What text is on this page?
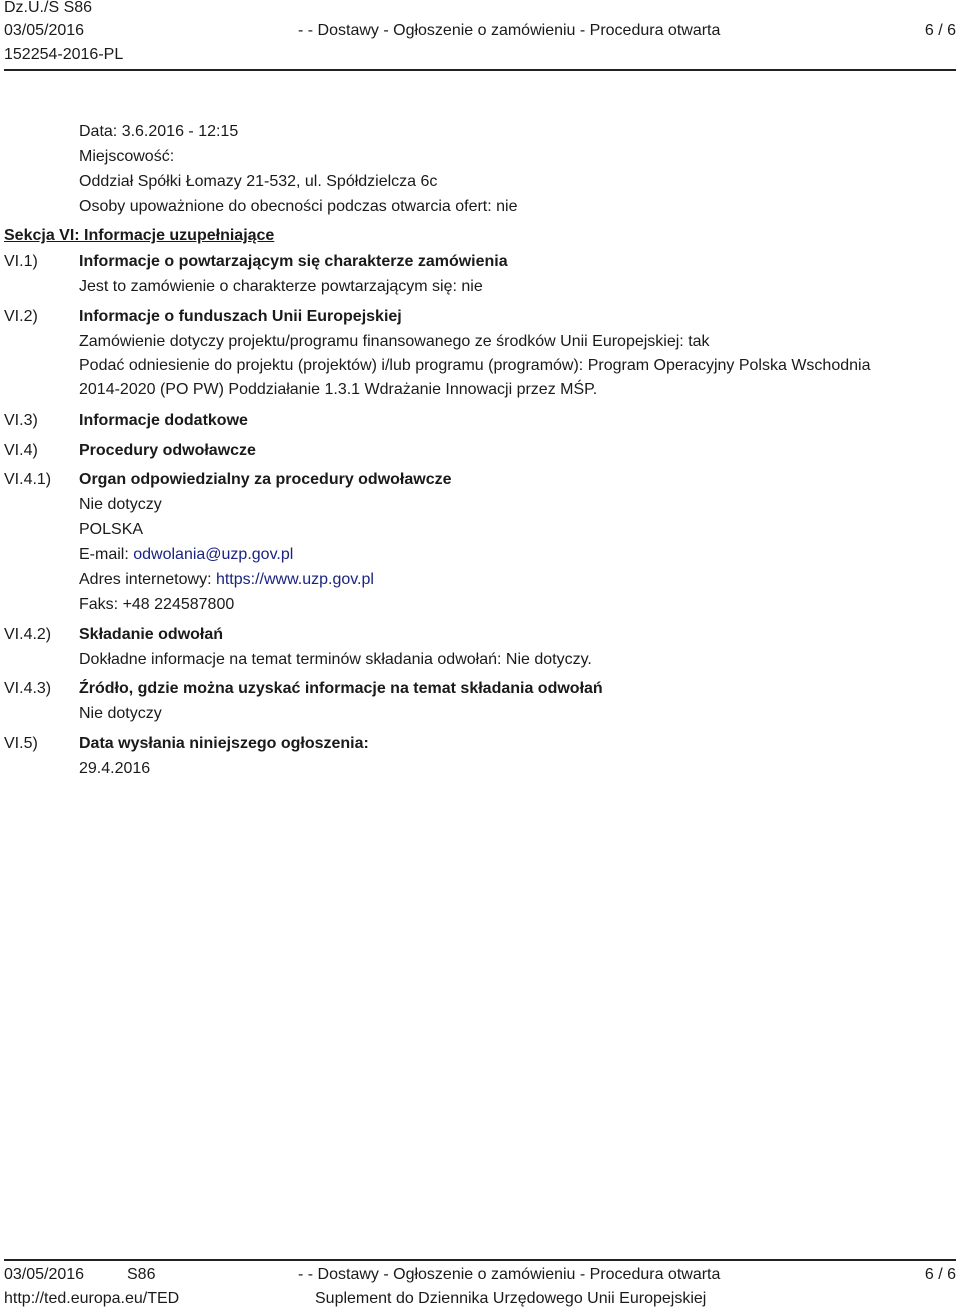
Dz.U./S S86
03/05/2016
152254-2016-PL
- - Dostawy - Ogłoszenie o zamówieniu - Procedura otwarta	6 / 6
Data: 3.6.2016 - 12:15
Miejscowość:
Oddział Spółki Łomazy 21-532, ul. Spółdzielcza 6c
Osoby upoważnione do obecności podczas otwarcia ofert: nie
Sekcja VI: Informacje uzupełniające
VI.1)	Informacje o powtarzającym się charakterze zamówienia
Jest to zamówienie o charakterze powtarzającym się: nie
VI.2)	Informacje o funduszach Unii Europejskiej
Zamówienie dotyczy projektu/programu finansowanego ze środków Unii Europejskiej: tak
Podać odniesienie do projektu (projektów) i/lub programu (programów): Program Operacyjny Polska Wschodnia
2014-2020 (PO PW) Poddziałanie 1.3.1 Wdrażanie Innowacji przez MŚP.
VI.3)	Informacje dodatkowe
VI.4)	Procedury odwoławcze
VI.4.1) Organ odpowiedzialny za procedury odwoławcze
Nie dotyczy
POLSKA
E-mail: odwolania@uzp.gov.pl
Adres internetowy: https://www.uzp.gov.pl
Faks: +48 224587800
VI.4.2) Składanie odwołań
Dokładne informacje na temat terminów składania odwołań: Nie dotyczy.
VI.4.3) Źródło, gdzie można uzyskać informacje na temat składania odwołań
Nie dotyczy
VI.5)	Data wysłania niniejszego ogłoszenia:
29.4.2016
03/05/2016	S86	- - Dostawy - Ogłoszenie o zamówieniu - Procedura otwarta	6 / 6
http://ted.europa.eu/TED	Suplement do Dziennika Urzędowego Unii Europejskiej
